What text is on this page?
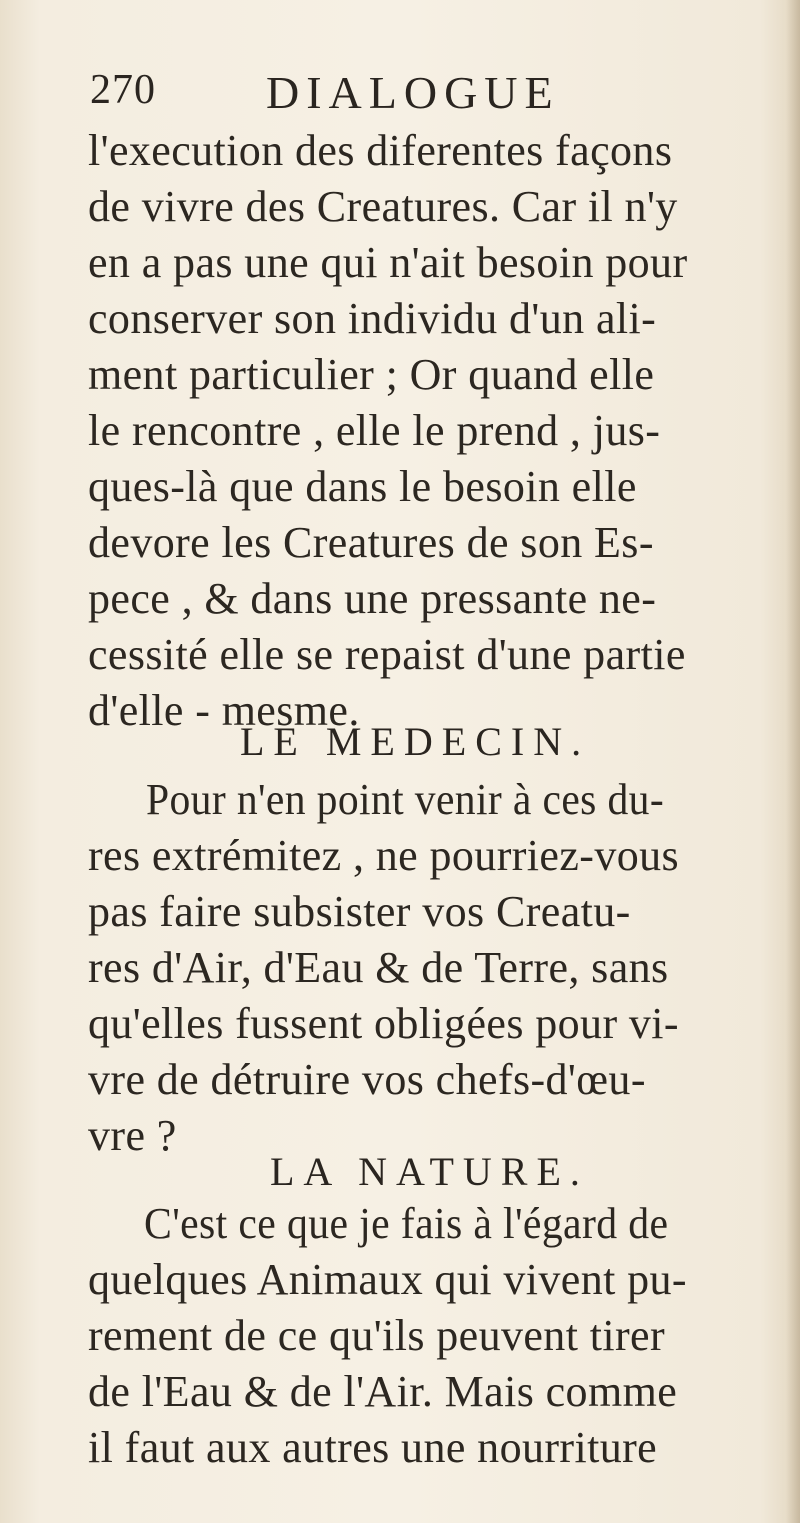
270 DIALOGUE
l'execution des diferentes façons
de vivre des Creatures. Car il n'y
en a pas une qui n'ait besoin pour
conserver son individu d'un ali-
ment particulier ; Or quand elle
le rencontre , elle le prend , jus-
ques-là que dans le besoin elle
devore les Creatures de son Es-
pece , & dans une pressante ne-
cessité elle se repaist d'une partie
d'elle - mesme.
LE MEDECIN.
Pour n'en point venir à ces du-
res extrémitez , ne pourriez-vous
pas faire subsister vos Creatu-
res d'Air, d'Eau & de Terre, sans
qu'elles fussent obligées pour vi-
vre de détruire vos chefs-d'œu-
vre ?
LA NATURE.
C'est ce que je fais à l'égard de
quelques Animaux qui vivent pu-
rement de ce qu'ils peuvent tirer
de l'Eau & de l'Air. Mais comme
il faut aux autres une nourriture
